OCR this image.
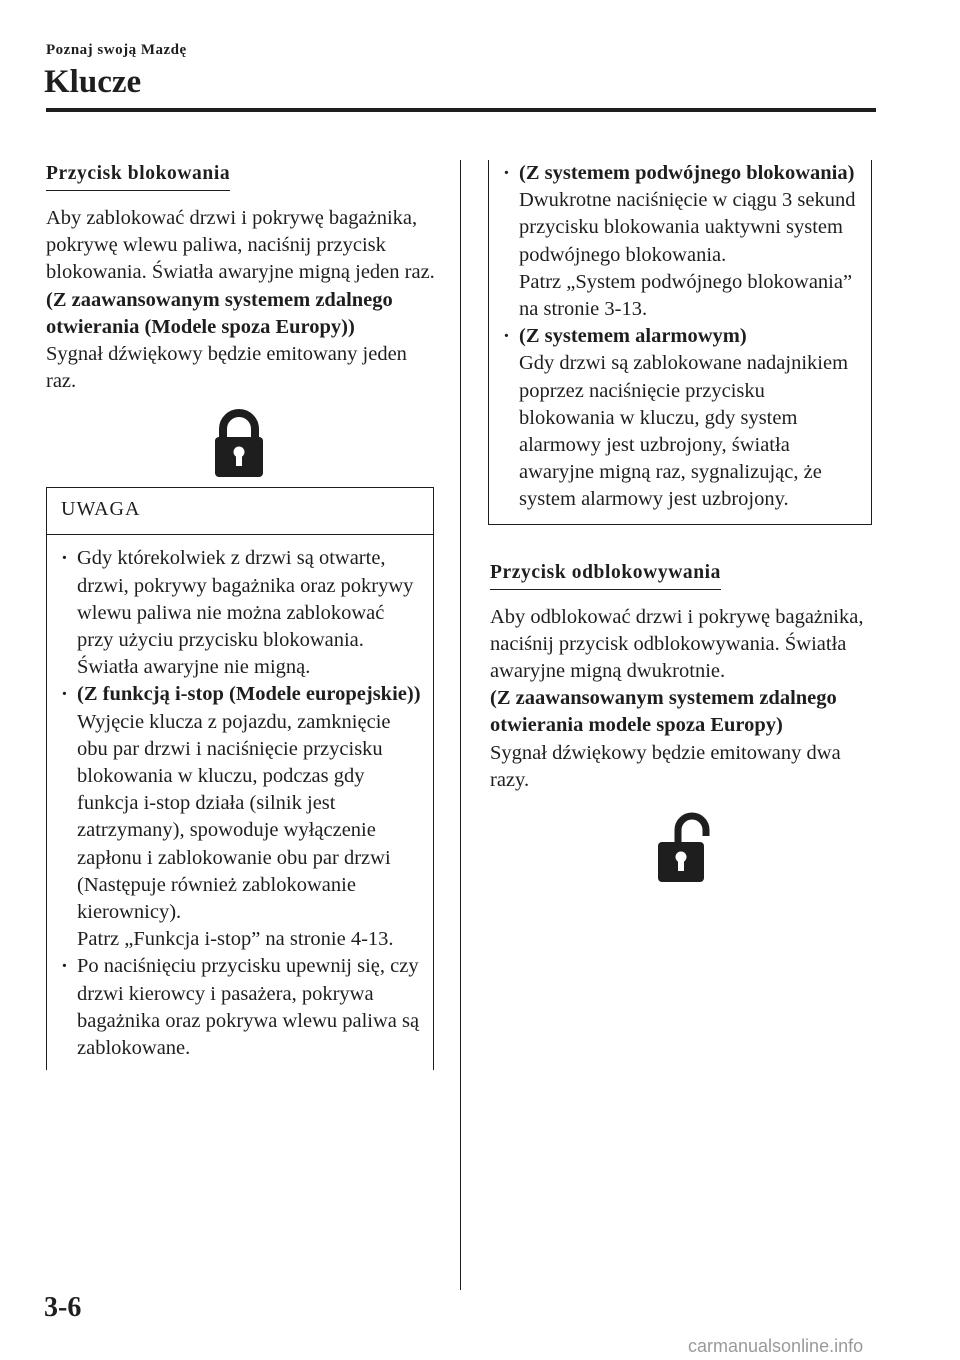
Poznaj swoją Mazdę
Klucze
Przycisk blokowania

Aby zablokować drzwi i pokrywę bagażnika, pokrywę wlewu paliwa, naciśnij przycisk blokowania. Światła awaryjne migną jeden raz.

(Z zaawansowanym systemem zdalnego otwierania (Modele spoza Europy))

Sygnał dźwiękowy będzie emitowany jeden raz.

UWAGA
· Gdy którekolwiek z drzwi są otwarte, drzwi, pokrywy bagażnika oraz pokrywy wlewu paliwa nie można zablokować przy użyciu przycisku blokowania. Światła awaryjne nie migną.
· (Z funkcją i-stop (Modele europejskie))
Wyjęcie klucza z pojazdu, zamknięcie obu par drzwi i naciśnięcie przycisku blokowania w kluczu, podczas gdy funkcja i-stop działa (silnik jest zatrzymany), spowoduje wyłączenie zapłonu i zablokowanie obu par drzwi (Następuje również zablokowanie kierownicy).
Patrz „Funkcja i-stop” na stronie 4-13.
· Po naciśnięciu przycisku upewnij się, czy drzwi kierowcy i pasażera, pokrywa bagażnika oraz pokrywa wlewu paliwa są zablokowane.
· (Z systemem podwójnego blokowania)
Dwukrotne naciśnięcie w ciągu 3 sekund przycisku blokowania uaktywni system podwójnego blokowania.
Patrz „System podwójnego blokowania” na stronie 3-13.
· (Z systemem alarmowym)
Gdy drzwi są zablokowane nadajnikiem poprzez naciśnięcie przycisku blokowania w kluczu, gdy system alarmowy jest uzbrojony, światła awaryjne migną raz, sygnalizując, że system alarmowy jest uzbrojony.
Przycisk odblokowywania

Aby odblokować drzwi i pokrywę bagażnika, naciśnij przycisk odblokowywania. Światła awaryjne migną dwukrotnie.

(Z zaawansowanym systemem zdalnego otwierania modele spoza Europy)

Sygnał dźwiękowy będzie emitowany dwa razy.

3-6
carmanualsonline.info
